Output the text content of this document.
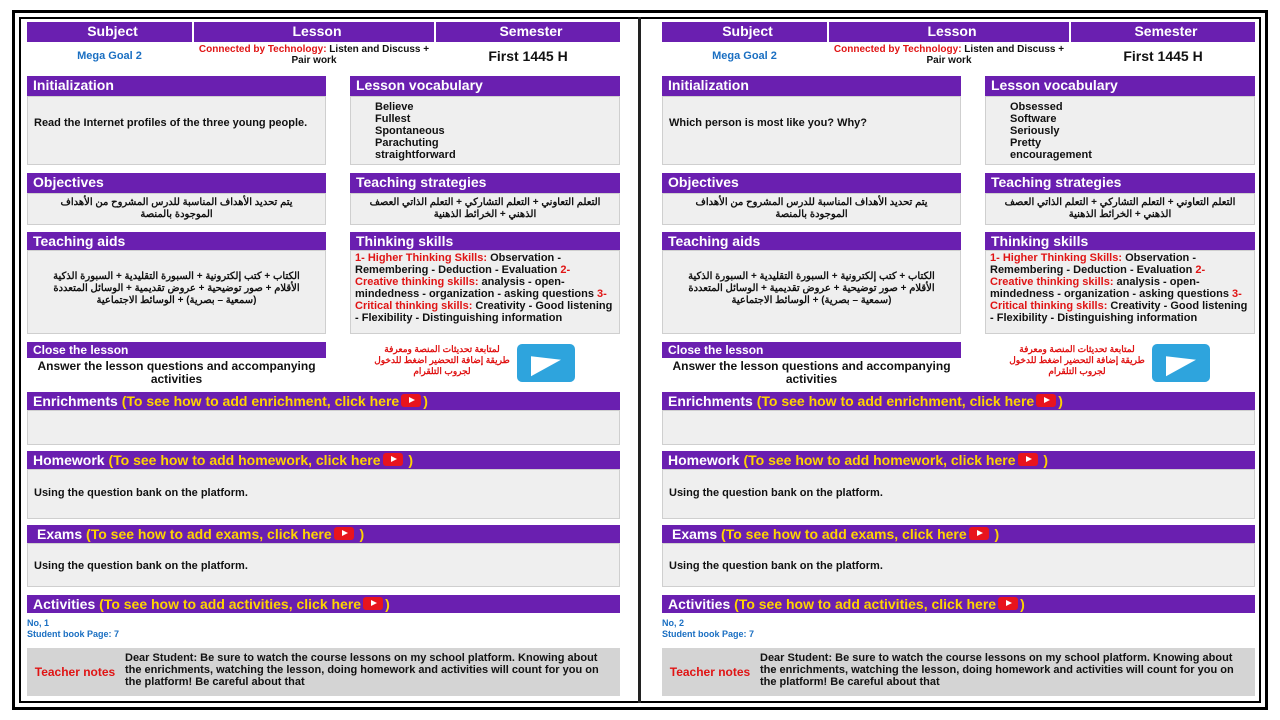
Subject	Lesson	Semester
Mega Goal 2
Connected by Technology: Listen and Discuss + Pair work	First 1445 H
Initialization
Read the Internet profiles of the three young people.
Lesson vocabulary
Believe
Fullest
Spontaneous
Parachuting
straightforward
Objectives
يتم تحديد الأهداف المناسبة للدرس المشروح من الأهداف الموجودة بالمنصة
Teaching strategies
التعلم التعاوني + التعلم التشاركي + التعلم الذاتي العصف الذهني + الخرائط الذهنية
Teaching aids
الكتاب + كتب إلكترونية + السبورة التقليدية + السبورة الذكية الأقلام + صور توضيحية + عروض تقديمية + الوسائل المتعددة (سمعية – بصرية) + الوسائط الاجتماعية
Thinking skills
1- Higher Thinking Skills: Observation - Remembering - Deduction - Evaluation 2- Creative thinking skills: analysis - open-mindedness - organization - asking questions 3- Critical thinking skills: Creativity - Good listening - Flexibility - Distinguishing information
Close the lesson
Answer the lesson questions and accompanying activities
لمتابعة تحديثات المنصة ومعرفة طريقة إضافة التحضير اضغط للدخول لجروب التلقرام
Enrichments (To see how to add enrichment, click here )
Homework (To see how to add homework, click here )
Using the question bank on the platform.
Exams (To see how to add exams, click here )
Using the question bank on the platform.
Activities (To see how to add activities, click here )
No, 1
Student book Page: 7
Teacher notes
Dear Student: Be sure to watch the course lessons on my school platform. Knowing about the enrichments, watching the lesson, doing homework and activities will count for you on the platform! Be careful about that
Subject	Lesson	Semester
Mega Goal 2
Connected by Technology: Listen and Discuss + Pair work	First 1445 H
Initialization
Which person is most like you? Why?
Lesson vocabulary
Obsessed
Software
Seriously
Pretty
encouragement
Objectives
يتم تحديد الأهداف المناسبة للدرس المشروح من الأهداف الموجودة بالمنصة
Teaching strategies
التعلم التعاوني + التعلم التشاركي + التعلم الذاتي العصف الذهني + الخرائط الذهنية
Teaching aids
الكتاب + كتب إلكترونية + السبورة التقليدية + السبورة الذكية الأقلام + صور توضيحية + عروض تقديمية + الوسائل المتعددة (سمعية – بصرية) + الوسائط الاجتماعية
Thinking skills
1- Higher Thinking Skills: Observation - Remembering - Deduction - Evaluation 2- Creative thinking skills: analysis - open-mindedness - organization - asking questions 3- Critical thinking skills: Creativity - Good listening - Flexibility - Distinguishing information
Close the lesson
Answer the lesson questions and accompanying activities
لمتابعة تحديثات المنصة ومعرفة طريقة إضافة التحضير اضغط للدخول لجروب التلقرام
Enrichments (To see how to add enrichment, click here )
Homework (To see how to add homework, click here )
Using the question bank on the platform.
Exams (To see how to add exams, click here )
Using the question bank on the platform.
Activities (To see how to add activities, click here )
No, 2
Student book Page: 7
Teacher notes
Dear Student: Be sure to watch the course lessons on my school platform. Knowing about the enrichments, watching the lesson, doing homework and activities will count for you on the platform! Be careful about that
